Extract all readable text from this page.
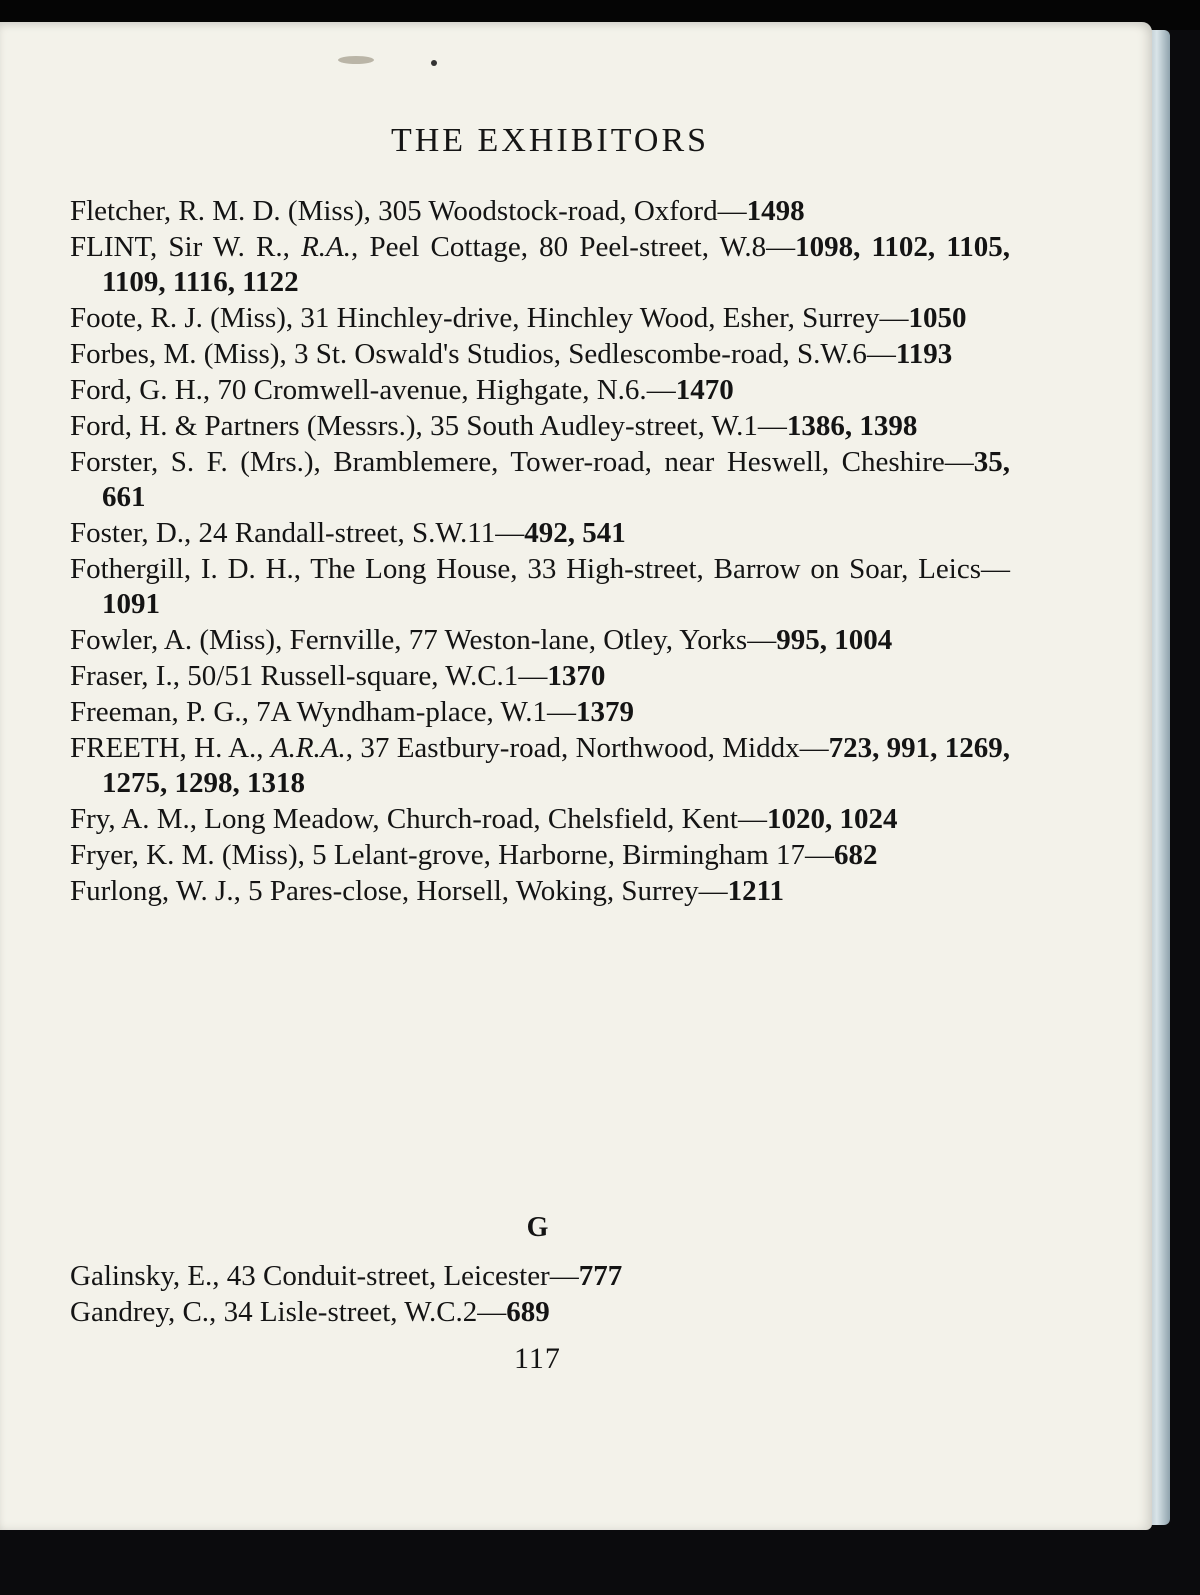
THE EXHIBITORS
Fletcher, R. M. D. (Miss), 305 Woodstock-road, Oxford—1498
FLINT, Sir W. R., R.A., Peel Cottage, 80 Peel-street, W.8—1098, 1102, 1105, 1109, 1116, 1122
Foote, R. J. (Miss), 31 Hinchley-drive, Hinchley Wood, Esher, Surrey—1050
Forbes, M. (Miss), 3 St. Oswald's Studios, Sedlescombe-road, S.W.6—1193
Ford, G. H., 70 Cromwell-avenue, Highgate, N.6.—1470
Ford, H. & Partners (Messrs.), 35 South Audley-street, W.1—1386, 1398
Forster, S. F. (Mrs.), Bramblemere, Tower-road, near Heswell, Cheshire—35, 661
Foster, D., 24 Randall-street, S.W.11—492, 541
Fothergill, I. D. H., The Long House, 33 High-street, Barrow on Soar, Leics—1091
Fowler, A. (Miss), Fernville, 77 Weston-lane, Otley, Yorks—995, 1004
Fraser, I., 50/51 Russell-square, W.C.1—1370
Freeman, P. G., 7A Wyndham-place, W.1—1379
FREETH, H. A., A.R.A., 37 Eastbury-road, Northwood, Middx—723, 991, 1269, 1275, 1298, 1318
Fry, A. M., Long Meadow, Church-road, Chelsfield, Kent—1020, 1024
Fryer, K. M. (Miss), 5 Lelant-grove, Harborne, Birmingham 17—682
Furlong, W. J., 5 Pares-close, Horsell, Woking, Surrey—1211
G
Galinsky, E., 43 Conduit-street, Leicester—777
Gandrey, C., 34 Lisle-street, W.C.2—689
117
